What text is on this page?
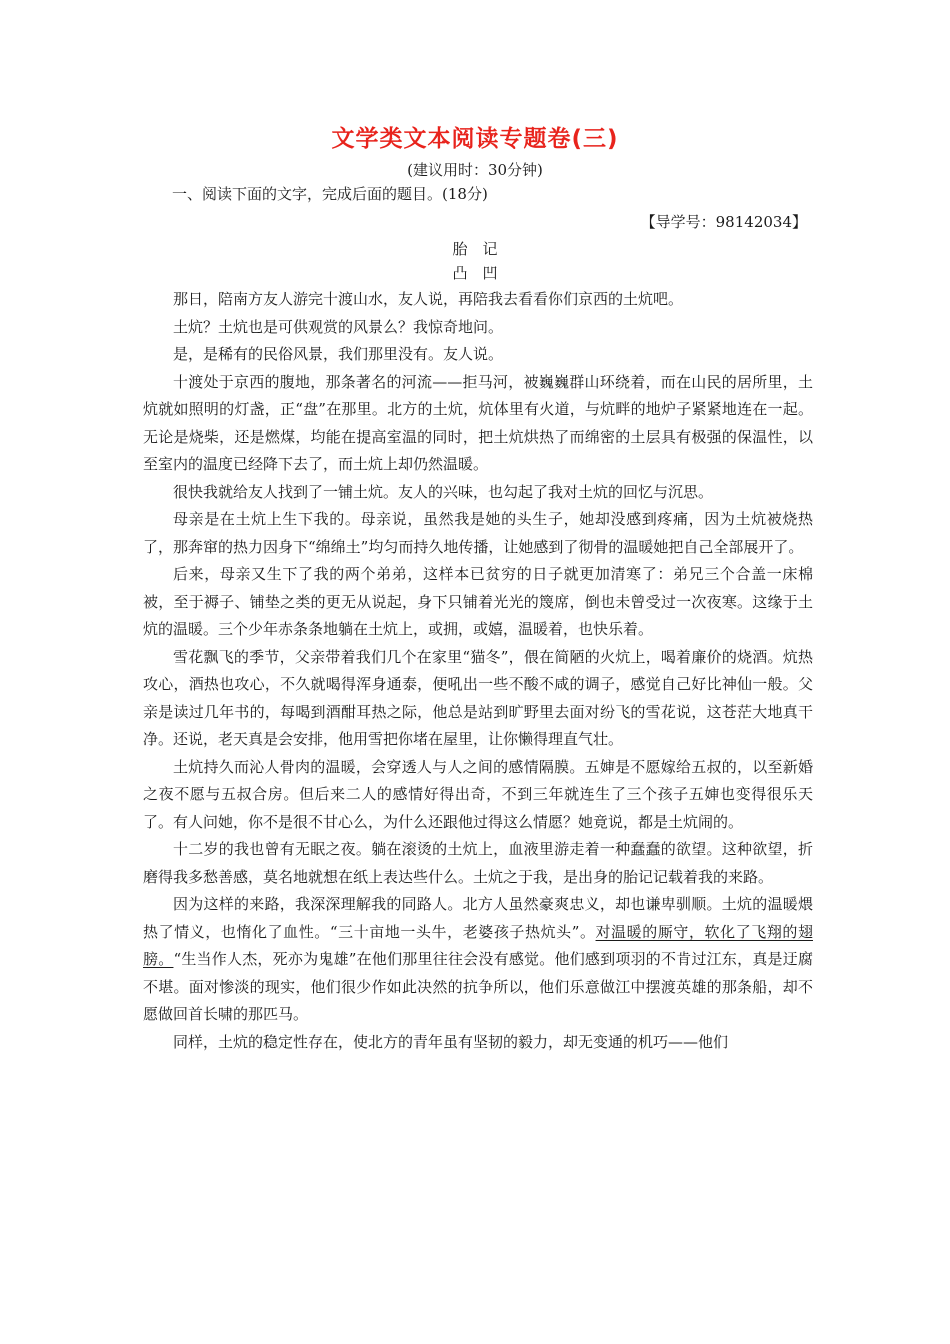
文学类文本阅读专题卷(三)
(建议用时：30分钟)
一、阅读下面的文字，完成后面的题目。(18分)
【导学号：98142034】
胎　记
凸　凹

那日，陪南方友人游完十渡山水，友人说，再陪我去看看你们京西的土炕吧。

土炕？土炕也是可供观赏的风景么？我惊奇地问。

是，是稀有的民俗风景，我们那里没有。友人说。

十渡处于京西的腹地，那条著名的河流——拒马河，被巍巍群山环绕着，而在山民的居所里，土炕就如照明的灯盏，正“盘”在那里。北方的土炕，炕体里有火道，与炕畔的地炉子紧紧地连在一起。无论是烧柴，还是燃煤，均能在提高室温的同时，把土炕烘热了而绵密的土层具有极强的保温性，以至室内的温度已经降下去了，而土炕上却仍然温暖。

很快我就给友人找到了一铺土炕。友人的兴味，也勾起了我对土炕的回忆与沉思。

母亲是在土炕上生下我的。母亲说，虽然我是她的头生子，她却没感到疼痛，因为土炕被烧热了，那奔窜的热力因身下“绵绵土”均匀而持久地传播，让她感到了彻骨的温暖她把自己全部展开了。

后来，母亲又生下了我的两个弟弟，这样本已贫穷的日子就更加清寒了：弟兄三个合盖一床棉被，至于褥子、铺垫之类的更无从说起，身下只铺着光光的篾席，倒也未曾受过一次夜寒。这缘于土炕的温暖。三个少年赤条条地躺在土炕上，或拥，或嬉，温暖着，也快乐着。

雪花飘飞的季节，父亲带着我们几个在家里“猫冬”，偎在简陋的火炕上，喝着廉价的烧酒。炕热攻心，酒热也攻心，不久就喝得浑身通泰，便吼出一些不酸不咸的调子，感觉自己好比神仙一般。父亲是读过几年书的，每喝到酒酣耳热之际，他总是站到旷野里去面对纷飞的雪花说，这苍茫大地真干净。还说，老天真是会安排，他用雪把你堵在屋里，让你懒得理直气壮。

土炕持久而沁人骨肉的温暖，会穿透人与人之间的感情隔膜。五婶是不愿嫁给五叔的，以至新婚之夜不愿与五叔合房。但后来二人的感情好得出奇，不到三年就连生了三个孩子五婶也变得很乐天了。有人问她，你不是很不甘心么，为什么还跟他过得这么情愿？她竟说，都是土炕闹的。

十二岁的我也曾有无眠之夜。躺在滚烫的土炕上，血液里游走着一种蠢蠢的欲望。这种欲望，折磨得我多愁善感，莫名地就想在纸上表达些什么。土炕之于我，是出身的胎记记载着我的来路。

因为这样的来路，我深深理解我的同路人。北方人虽然豪爽忠义，却也谦卑驯顺。土炕的温暖煨热了情义，也惰化了血性。“三十亩地一头牛，老婆孩子热炕头”。对温暖的厮守，软化了飞翔的翅膀。“生当作人杰，死亦为鬼雄”在他们那里往往会没有感觉。他们感到项羽的不肯过江东，真是迂腐不堪。面对惨淡的现实，他们很少作如此决然的抗争所以，他们乐意做江中摆渡英雄的那条船，却不愿做回首长啸的那匹马。

同样，土炕的稳定性存在，使北方的青年虽有坚韧的毅力，却无变通的机巧——他们
